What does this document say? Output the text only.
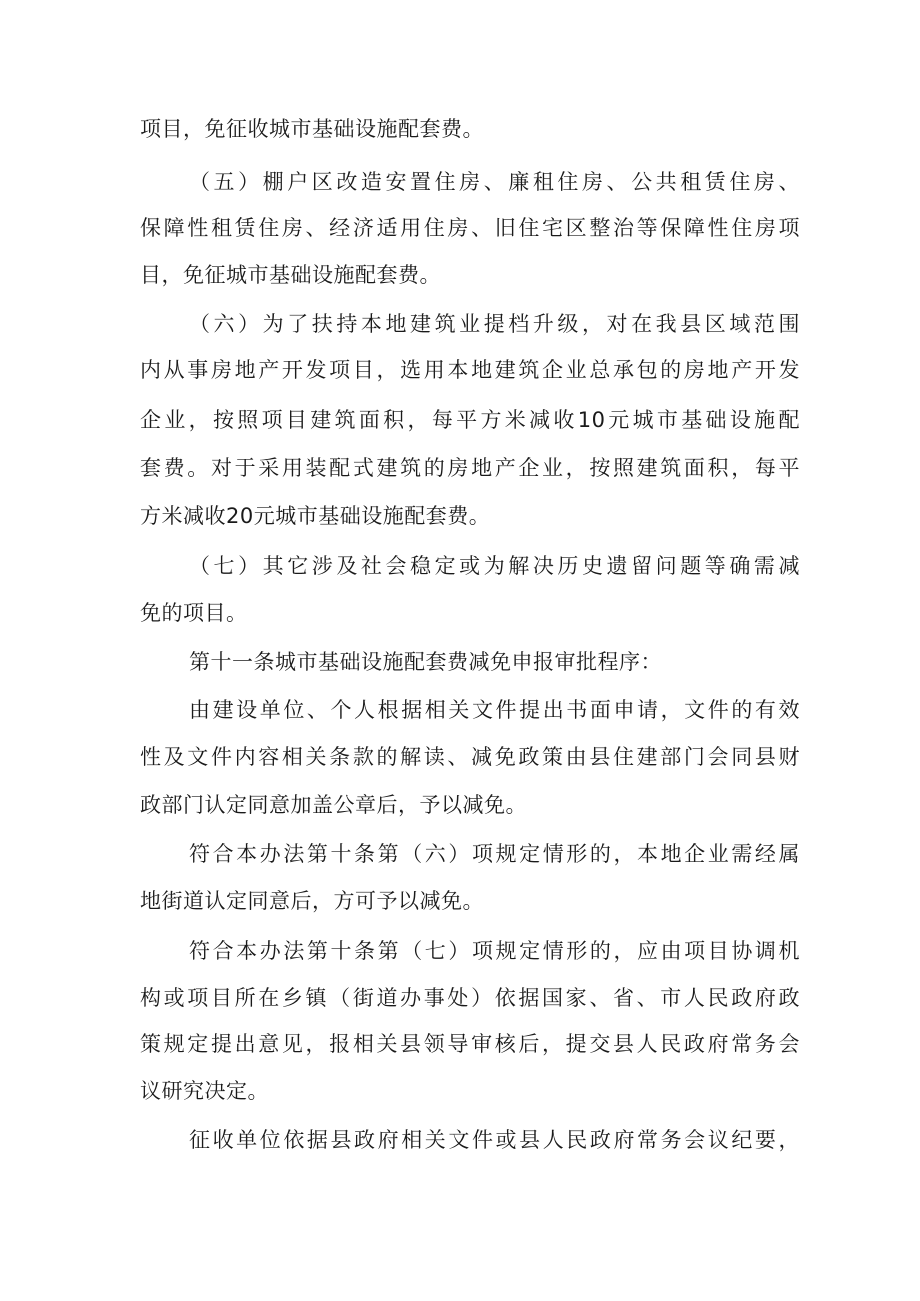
项目，免征收城市基础设施配套费。
（五）棚户区改造安置住房、廉租住房、公共租赁住房、
保障性租赁住房、经济适用住房、旧住宅区整治等保障性住房项
目，免征城市基础设施配套费。
（六）为了扶持本地建筑业提档升级，对在我县区域范围
内从事房地产开发项目，选用本地建筑企业总承包的房地产开发
企业，按照项目建筑面积，每平方米减收10元城市基础设施配
套费。对于采用装配式建筑的房地产企业，按照建筑面积，每平
方米减收20元城市基础设施配套费。
（七）其它涉及社会稳定或为解决历史遗留问题等确需减
免的项目。
第十一条城市基础设施配套费减免申报审批程序：
由建设单位、个人根据相关文件提出书面申请，文件的有效
性及文件内容相关条款的解读、减免政策由县住建部门会同县财
政部门认定同意加盖公章后，予以减免。
符合本办法第十条第（六）项规定情形的，本地企业需经属
地街道认定同意后，方可予以减免。
符合本办法第十条第（七）项规定情形的，应由项目协调机
构或项目所在乡镇（街道办事处）依据国家、省、市人民政府政
策规定提出意见，报相关县领导审核后，提交县人民政府常务会
议研究决定。
征收单位依据县政府相关文件或县人民政府常务会议纪要，
